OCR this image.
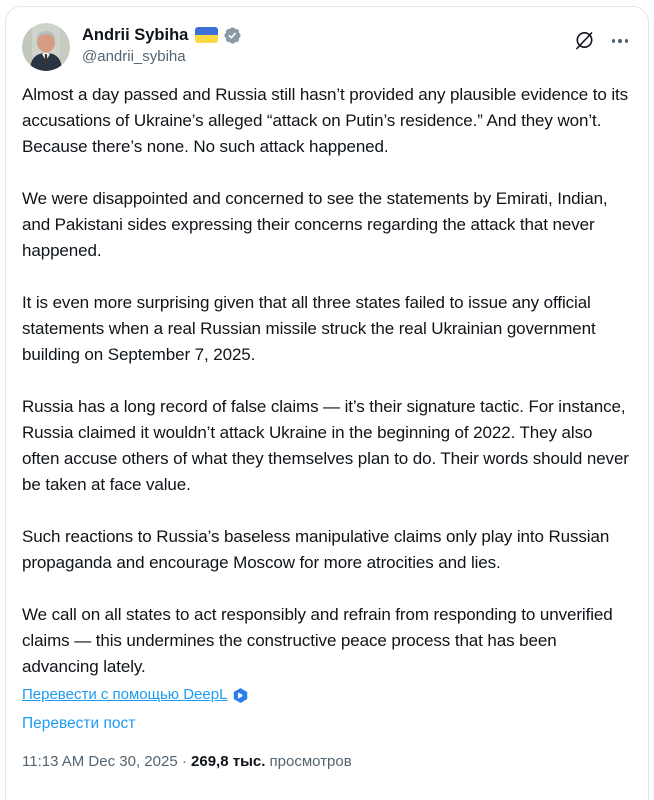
Andrii Sybiha
@andrii_sybiha

Almost a day passed and Russia still hasn’t provided any plausible evidence to its accusations of Ukraine’s alleged “attack on Putin’s residence.” And they won’t. Because there’s none. No such attack happened.

We were disappointed and concerned to see the statements by Emirati, Indian, and Pakistani sides expressing their concerns regarding the attack that never happened.

It is even more surprising given that all three states failed to issue any official statements when a real Russian missile struck the real Ukrainian government building on September 7, 2025.

Russia has a long record of false claims — it’s their signature tactic. For instance, Russia claimed it wouldn’t attack Ukraine in the beginning of 2022. They also often accuse others of what they themselves plan to do. Their words should never be taken at face value.

Such reactions to Russia’s baseless manipulative claims only play into Russian propaganda and encourage Moscow for more atrocities and lies.

We call on all states to act responsibly and refrain from responding to unverified claims — this undermines the constructive peace process that has been advancing lately.

Перевести с помощью DeepL
Перевести пост
11:13 AM Dec 30, 2025 · 269,8 тыс. просмотров
